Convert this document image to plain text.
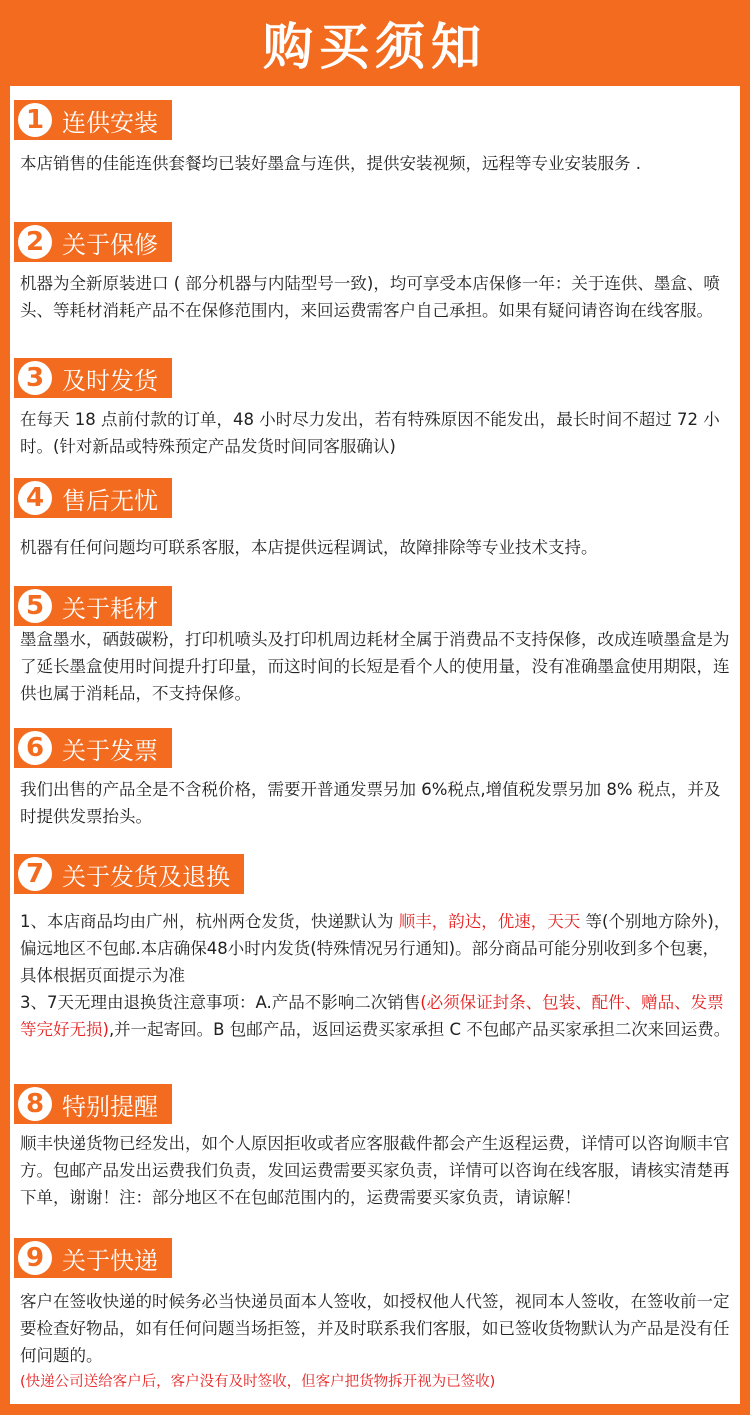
购买须知
1 连供安装
本店销售的佳能连供套餐均已装好墨盒与连供，提供安装视频，远程等专业安装服务 .
2 关于保修
机器为全新原装进口 ( 部分机器与内陆型号一致)，均可享受本店保修一年：关于连供、墨盒、喷头、等耗材消耗产品不在保修范围内，来回运费需客户自己承担。如果有疑问请咨询在线客服。
3 及时发货
在每天 18 点前付款的订单，48 小时尽力发出，若有特殊原因不能发出，最长时间不超过 72 小时。(针对新品或特殊预定产品发货时间同客服确认)
4 售后无忧
机器有任何问题均可联系客服，本店提供远程调试，故障排除等专业技术支持。
5 关于耗材
墨盒墨水，硒鼓碳粉，打印机喷头及打印机周边耗材全属于消费品不支持保修，改成连喷墨盒是为了延长墨盒使用时间提升打印量，而这时间的长短是看个人的使用量，没有准确墨盒使用期限，连供也属于消耗品，不支持保修。
6 关于发票
我们出售的产品全是不含税价格，需要开普通发票另加 6%税点,增值税发票另加 8% 税点，并及时提供发票抬头。
7 关于发货及退换
1、本店商品均由广州，杭州两仓发货，快递默认为 顺丰，韵达，优速，天天 等(个别地方除外)，偏远地区不包邮.本店确保48小时内发货(特殊情况另行通知)。部分商品可能分别收到多个包裹，具体根据页面提示为准
3、7天无理由退换货注意事项：A.产品不影响二次销售(必须保证封条、包装、配件、赠品、发票等完好无损),并一起寄回。B 包邮产品，返回运费买家承担 C 不包邮产品买家承担二次来回运费。
8 特别提醒
顺丰快递货物已经发出，如个人原因拒收或者应客服截件都会产生返程运费，详情可以咨询顺丰官方。包邮产品发出运费我们负责，发回运费需要买家负责，详情可以咨询在线客服，请核实清楚再下单，谢谢！注：部分地区不在包邮范围内的，运费需要买家负责，请谅解！
9 关于快递
客户在签收快递的时候务必当快递员面本人签收，如授权他人代签，视同本人签收，在签收前一定要检查好物品，如有任何问题当场拒签，并及时联系我们客服，如已签收货物默认为产品是没有任何问题的。
(快递公司送给客户后，客户没有及时签收，但客户把货物拆开视为已签收)
